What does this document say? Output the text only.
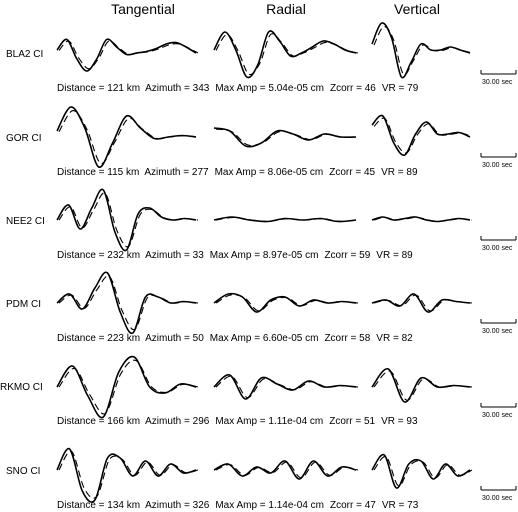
Tangential	Radial	Vertical
BLA2 CI
Distance = 121 km Azimuth = 343 Max Amp = 5.04e-05 cm Zcorr = 46 VR = 79
30.00 sec
GOR CI
Distance = 115 km Azimuth = 277 Max Amp = 8.06e-05 cm Zcorr = 45 VR = 89
30.00 sec
NEE2 CI
Distance = 232 km Azimuth = 33 Max Amp = 8.97e-05 cm Zcorr = 59 VR = 89
30.00 sec
PDM CI
Distance = 223 km Azimuth = 50 Max Amp = 6.60e-05 cm Zcorr = 58 VR = 82
30.00 sec
RKMO CI
Distance = 166 km Azimuth = 296 Max Amp = 1.11e-04 cm Zcorr = 51 VR = 93
30.00 sec
SNO CI
Distance = 134 km Azimuth = 326 Max Amp = 1.14e-04 cm Zcorr = 47 VR = 73
30.00 sec
